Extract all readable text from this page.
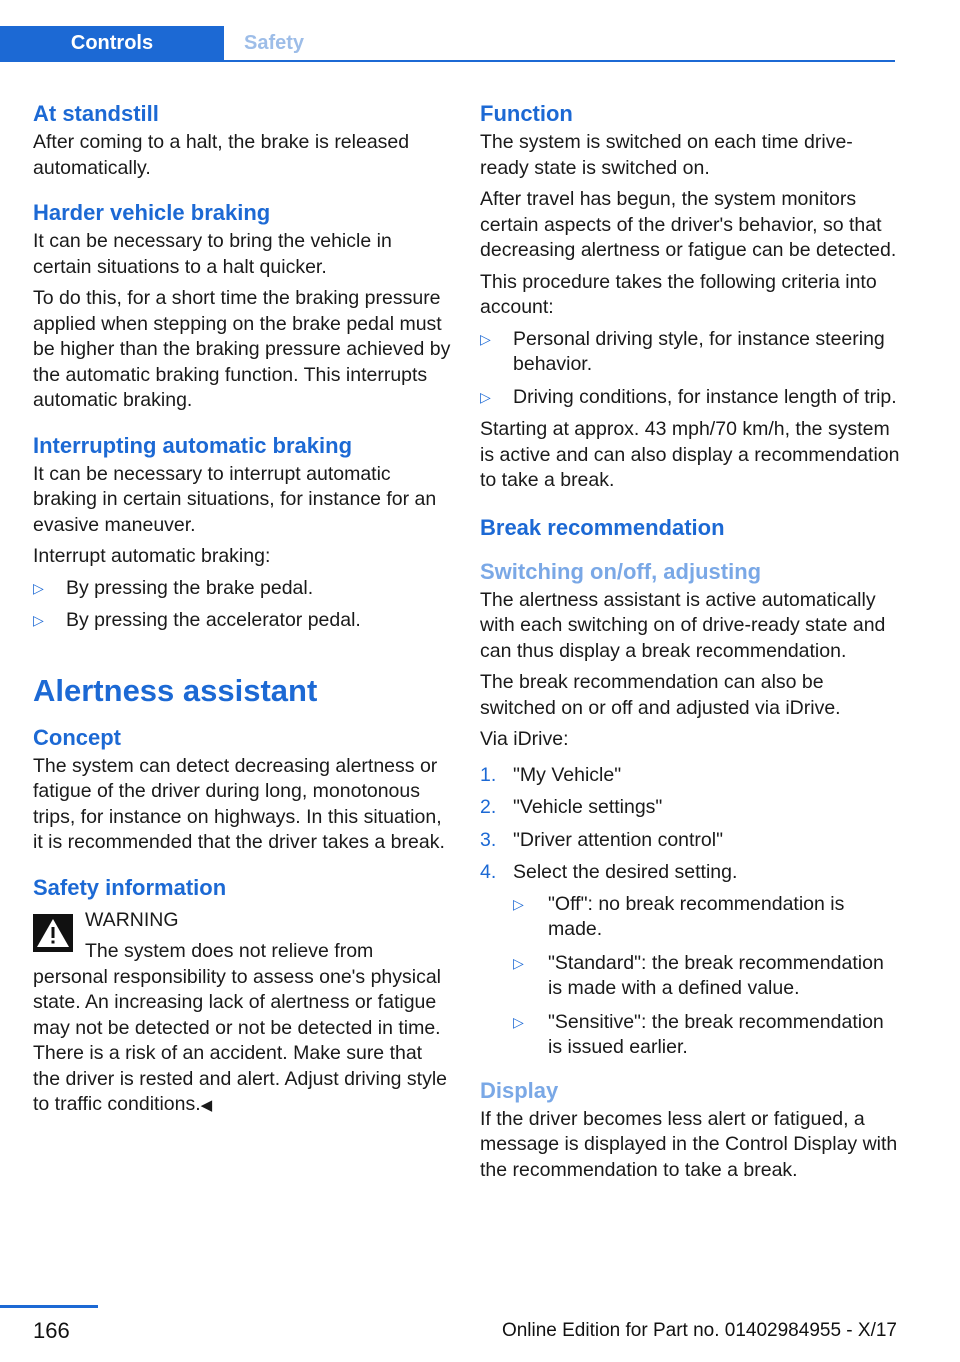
Controls	Safety
At standstill

After coming to a halt, the brake is released automatically.

Harder vehicle braking

It can be necessary to bring the vehicle in certain situations to a halt quicker.

To do this, for a short time the braking pressure applied when stepping on the brake pedal must be higher than the braking pressure achieved by the automatic braking function. This interrupts automatic braking.

Interrupting automatic braking

It can be necessary to interrupt automatic braking in certain situations, for instance for an evasive maneuver.

Interrupt automatic braking:

▷ By pressing the brake pedal.
▷ By pressing the accelerator pedal.
Alertness assistant
Concept

The system can detect decreasing alertness or fatigue of the driver during long, monotonous trips, for instance on highways. In this situation, it is recommended that the driver takes a break.

Safety information
WARNING
The system does not relieve from personal responsibility to assess one's physical state. An increasing lack of alertness or fatigue may not be detected or not be detected in time. There is a risk of an accident. Make sure that the driver is rested and alert. Adjust driving style to traffic conditions.◀
Function

The system is switched on each time drive-ready state is switched on.

After travel has begun, the system monitors certain aspects of the driver's behavior, so that decreasing alertness or fatigue can be detected.

This procedure takes the following criteria into account:

▷ Personal driving style, for instance steering behavior.
▷ Driving conditions, for instance length of trip.

Starting at approx. 43 mph/70 km/h, the system is active and can also display a recommendation to take a break.

Break recommendation
Switching on/off, adjusting

The alertness assistant is active automatically with each switching on of drive-ready state and can thus display a break recommendation.

The break recommendation can also be switched on or off and adjusted via iDrive.

Via iDrive:

1. "My Vehicle"
2. "Vehicle settings"
3. "Driver attention control"
4. Select the desired setting.
▷ "Off": no break recommendation is made.
▷ "Standard": the break recommendation is made with a defined value.
▷ "Sensitive": the break recommendation is issued earlier.
Display

If the driver becomes less alert or fatigued, a message is displayed in the Control Display with the recommendation to take a break.

166	Online Edition for Part no. 01402984955 - X/17
